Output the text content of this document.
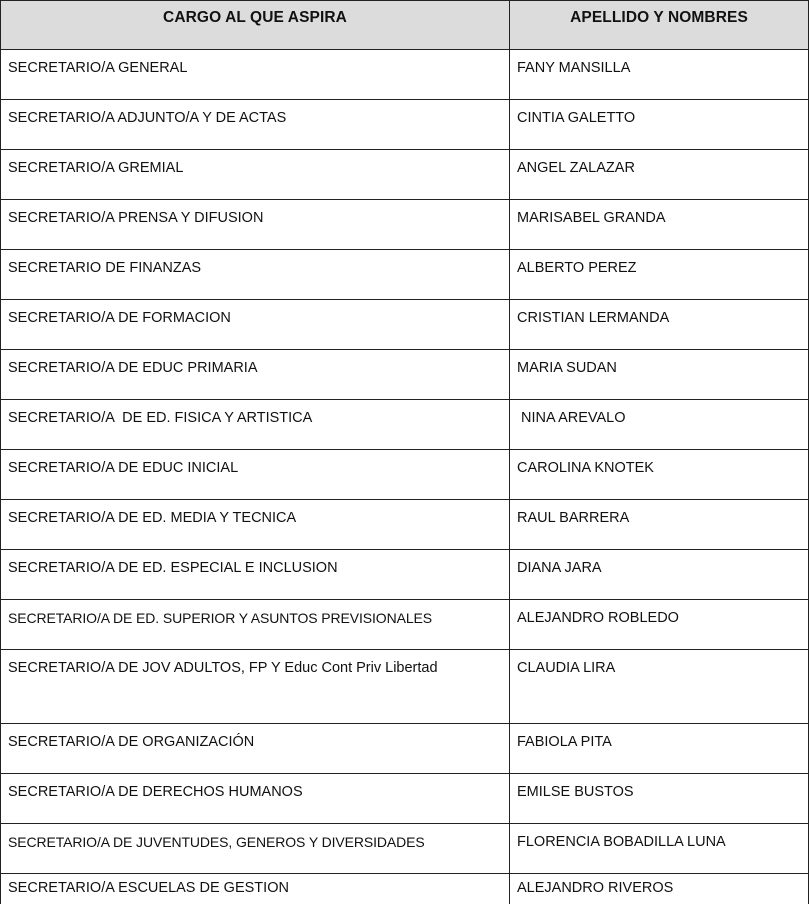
CARGO AL QUE ASPIRA	APELLIDO Y NOMBRES
SECRETARIO/A GENERAL	FANY MANSILLA
SECRETARIO/A ADJUNTO/A Y DE ACTAS	CINTIA GALETTO
SECRETARIO/A GREMIAL	ANGEL ZALAZAR
SECRETARIO/A PRENSA Y DIFUSION	MARISABEL GRANDA
SECRETARIO DE FINANZAS	ALBERTO PEREZ
SECRETARIO/A DE FORMACION	CRISTIAN LERMANDA
SECRETARIO/A DE EDUC PRIMARIA	MARIA SUDAN
SECRETARIO/A  DE ED. FISICA Y ARTISTICA	NINA AREVALO
SECRETARIO/A DE EDUC INICIAL	CAROLINA KNOTEK
SECRETARIO/A DE ED. MEDIA Y TECNICA	RAUL BARRERA
SECRETARIO/A DE ED. ESPECIAL E INCLUSION	DIANA JARA
SECRETARIO/A DE ED. SUPERIOR Y ASUNTOS PREVISIONALES	ALEJANDRO ROBLEDO
SECRETARIO/A DE JOV ADULTOS, FP Y Educ Cont Priv Libertad	CLAUDIA LIRA
SECRETARIO/A DE ORGANIZACIÓN	FABIOLA PITA
SECRETARIO/A DE DERECHOS HUMANOS	EMILSE BUSTOS
SECRETARIO/A DE JUVENTUDES, GENEROS Y DIVERSIDADES	FLORENCIA BOBADILLA LUNA
SECRETARIO/A ESCUELAS DE GESTION	ALEJANDRO RIVEROS
